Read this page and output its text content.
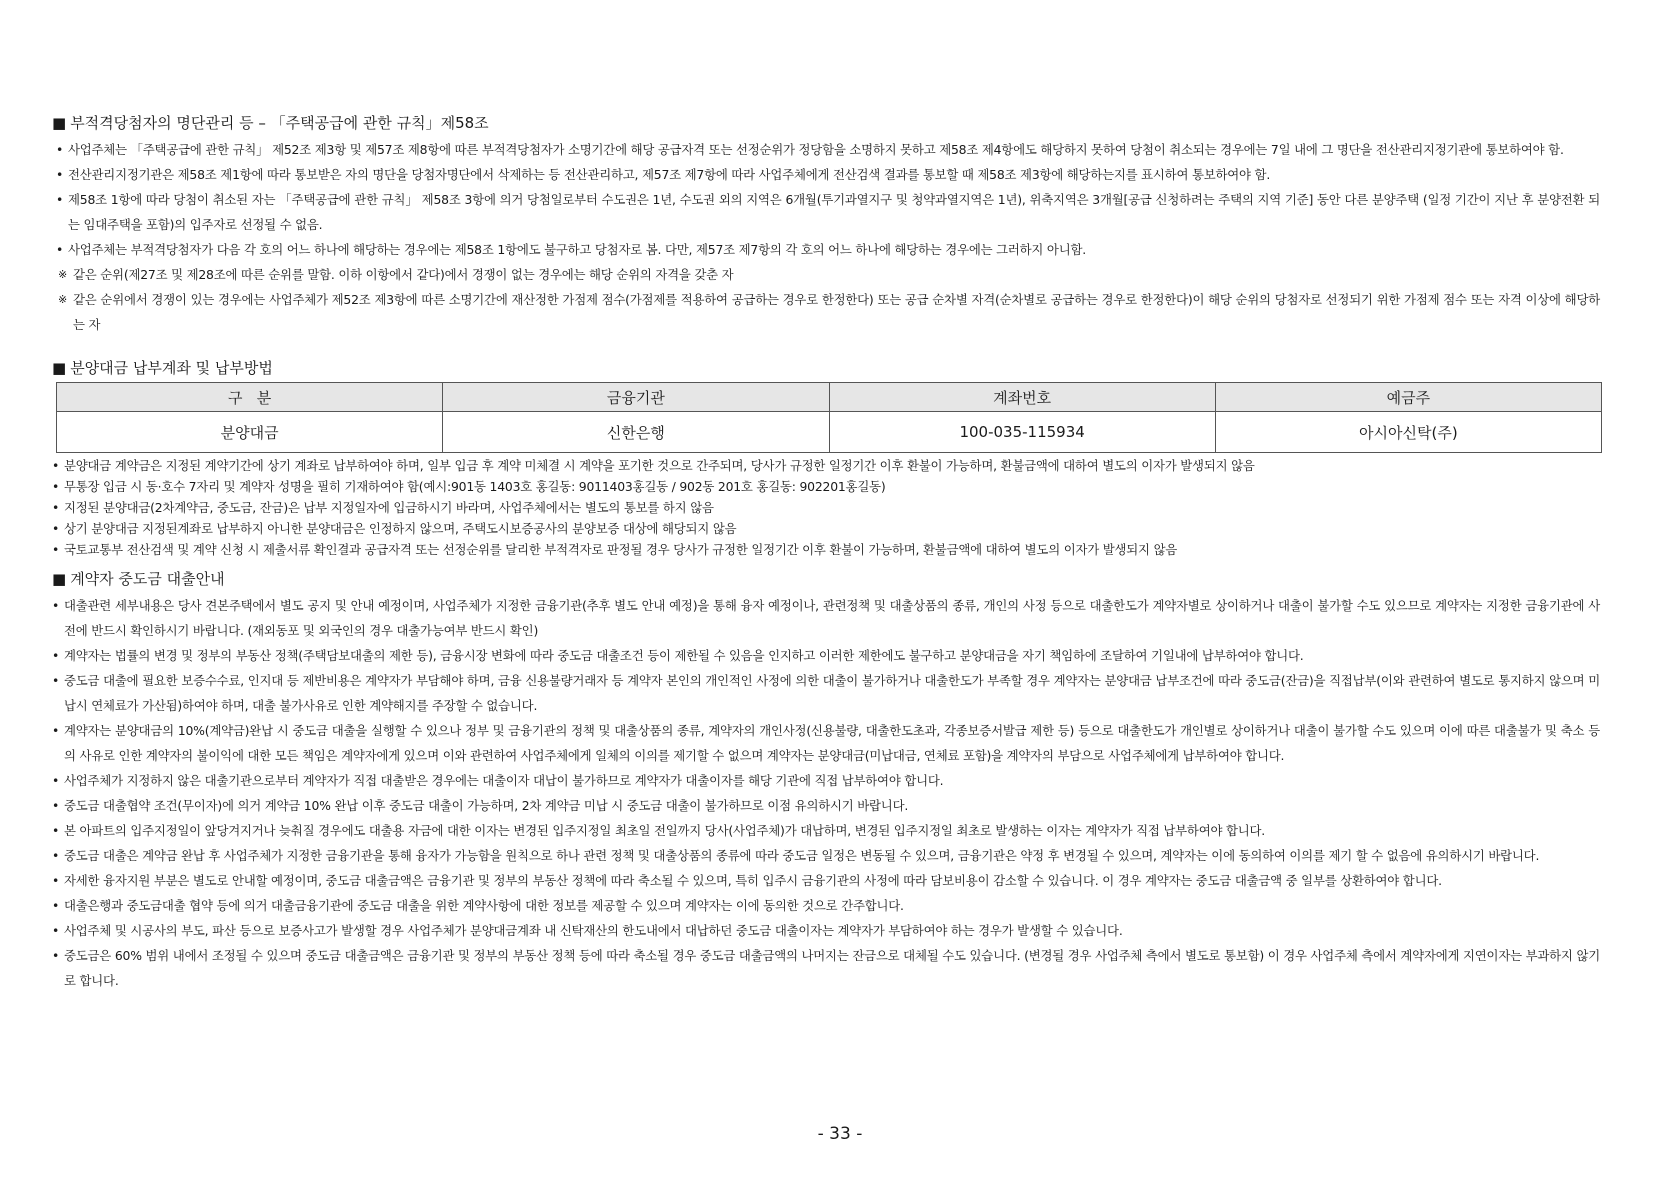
■ 부적격당첨자의 명단관리 등 – 「주택공급에 관한 규칙」제58조
• 사업주체는 「주택공급에 관한 규칙」 제52조 제3항 및 제57조 제8항에 따른 부적격당첨자가 소명기간에 해당 공급자격 또는 선정순위가 정당함을 소명하지 못하고 제58조 제4항에도 해당하지 못하여 당첨이 취소되는 경우에는 7일 내에 그 명단을 전산관리지정기관에 통보하여야 함.
• 전산관리지정기관은 제58조 제1항에 따라 통보받은 자의 명단을 당첨자명단에서 삭제하는 등 전산관리하고, 제57조 제7항에 따라 사업주체에게 전산검색 결과를 통보할 때 제58조 제3항에 해당하는지를 표시하여 통보하여야 함.
• 제58조 1항에 따라 당첨이 취소된 자는 「주택공급에 관한 규칙」 제58조 3항에 의거 당첨일로부터 수도권은 1년, 수도권 외의 지역은 6개월(투기과열지구 및 청약과열지역은 1년), 위축지역은 3개월[공급 신청하려는 주택의 지역 기준] 동안 다른 분양주택 (일정 기간이 지난 후 분양전환 되는 임대주택을 포함)의 입주자로 선정될 수 없음.
• 사업주체는 부적격당첨자가 다음 각 호의 어느 하나에 해당하는 경우에는 제58조 1항에도 불구하고 당첨자로 봄. 다만, 제57조 제7항의 각 호의 어느 하나에 해당하는 경우에는 그러하지 아니함.
※ 같은 순위(제27조 및 제28조에 따른 순위를 말함. 이하 이항에서 같다)에서 경쟁이 없는 경우에는 해당 순위의 자격을 갖춘 자
※ 같은 순위에서 경쟁이 있는 경우에는 사업주체가 제52조 제3항에 따른 소명기간에 재산정한 가점제 점수(가점제를 적용하여 공급하는 경우로 한정한다) 또는 공급 순차별 자격(순차별로 공급하는 경우로 한정한다)이 해당 순위의 당첨자로 선정되기 위한 가점제 점수 또는 자격 이상에 해당하는 자
■ 분양대금 납부계좌 및 납부방법
구   분	금융기관	계좌번호	예금주
분양대금	신한은행	100-035-115934	아시아신탁(주)
• 분양대금 계약금은 지정된 계약기간에 상기 계좌로 납부하여야 하며, 일부 입금 후 계약 미체결 시 계약을 포기한 것으로 간주되며, 당사가 규정한 일정기간 이후 환불이 가능하며, 환불금액에 대하여 별도의 이자가 발생되지 않음
• 무통장 입금 시 동·호수 7자리 및 계약자 성명을 필히 기재하여야 함(예시:901동 1403호 홍길동: 9011403홍길동 / 902동 201호 홍길동: 902201홍길동)
• 지정된 분양대금(2차계약금, 중도금, 잔금)은 납부 지정일자에 입금하시기 바라며, 사업주체에서는 별도의 통보를 하지 않음
• 상기 분양대금 지정된계좌로 납부하지 아니한 분양대금은 인정하지 않으며, 주택도시보증공사의 분양보증 대상에 해당되지 않음
• 국토교통부 전산검색 및 계약 신청 시 제출서류 확인결과 공급자격 또는 선정순위를 달리한 부적격자로 판정될 경우 당사가 규정한 일정기간 이후 환불이 가능하며, 환불금액에 대하여 별도의 이자가 발생되지 않음
■ 계약자 중도금 대출안내
• 대출관련 세부내용은 당사 견본주택에서 별도 공지 및 안내 예정이며, 사업주체가 지정한 금융기관(추후 별도 안내 예정)을 통해 융자 예정이나, 관련정책 및 대출상품의 종류, 개인의 사정 등으로 대출한도가 계약자별로 상이하거나 대출이 불가할 수도 있으므로 계약자는 지정한 금융기관에 사전에 반드시 확인하시기 바랍니다. (재외동포 및 외국인의 경우 대출가능여부 반드시 확인)
• 계약자는 법률의 변경 및 정부의 부동산 정책(주택담보대출의 제한 등), 금융시장 변화에 따라 중도금 대출조건 등이 제한될 수 있음을 인지하고 이러한 제한에도 불구하고 분양대금을 자기 책임하에 조달하여 기일내에 납부하여야 합니다.
• 중도금 대출에 필요한 보증수수료, 인지대 등 제반비용은 계약자가 부담해야 하며, 금융 신용불량거래자 등 계약자 본인의 개인적인 사정에 의한 대출이 불가하거나 대출한도가 부족할 경우 계약자는 분양대금 납부조건에 따라 중도금(잔금)을 직접납부(이와 관련하여 별도로 통지하지 않으며 미납시 연체료가 가산됨)하여야 하며, 대출 불가사유로 인한 계약해지를 주장할 수 없습니다.
• 계약자는 분양대금의 10%(계약금)완납 시 중도금 대출을 실행할 수 있으나 정부 및 금융기관의 정책 및 대출상품의 종류, 계약자의 개인사정(신용불량, 대출한도초과, 각종보증서발급 제한 등) 등으로 대출한도가 개인별로 상이하거나 대출이 불가할 수도 있으며 이에 따른 대출불가 및 축소 등의 사유로 인한 계약자의 불이익에 대한 모든 책임은 계약자에게 있으며 이와 관련하여 사업주체에게 일체의 이의를 제기할 수 없으며 계약자는 분양대금(미납대금, 연체료 포함)을 계약자의 부담으로 사업주체에게 납부하여야 합니다.
• 사업주체가 지정하지 않은 대출기관으로부터 계약자가 직접 대출받은 경우에는 대출이자 대납이 불가하므로 계약자가 대출이자를 해당 기관에 직접 납부하여야 합니다.
• 중도금 대출협약 조건(무이자)에 의거 계약금 10% 완납 이후 중도금 대출이 가능하며, 2차 계약금 미납 시 중도금 대출이 불가하므로 이점 유의하시기 바랍니다.
• 본 아파트의 입주지정일이 앞당겨지거나 늦춰질 경우에도 대출용 자금에 대한 이자는 변경된 입주지정일 최초일 전일까지 당사(사업주체)가 대납하며, 변경된 입주지정일 최초로 발생하는 이자는 계약자가 직접 납부하여야 합니다.
• 중도금 대출은 계약금 완납 후 사업주체가 지정한 금융기관을 통해 융자가 가능함을 원칙으로 하나 관련 정책 및 대출상품의 종류에 따라 중도금 일정은 변동될 수 있으며, 금융기관은 약정 후 변경될 수 있으며, 계약자는 이에 동의하여 이의를 제기 할 수 없음에 유의하시기 바랍니다.
• 자세한 융자지원 부분은 별도로 안내할 예정이며, 중도금 대출금액은 금융기관 및 정부의 부동산 정책에 따라 축소될 수 있으며, 특히 입주시 금융기관의 사정에 따라 담보비용이 감소할 수 있습니다. 이 경우 계약자는 중도금 대출금액 중 일부를 상환하여야 합니다.
• 대출은행과 중도금대출 협약 등에 의거 대출금융기관에 중도금 대출을 위한 계약사항에 대한 정보를 제공할 수 있으며 계약자는 이에 동의한 것으로 간주합니다.
• 사업주체 및 시공사의 부도, 파산 등으로 보증사고가 발생할 경우 사업주체가 분양대금계좌 내 신탁재산의 한도내에서 대납하던 중도금 대출이자는 계약자가 부담하여야 하는 경우가 발생할 수 있습니다.
• 중도금은 60% 범위 내에서 조정될 수 있으며 중도금 대출금액은 금융기관 및 정부의 부동산 정책 등에 따라 축소될 경우 중도금 대출금액의 나머지는 잔금으로 대체될 수도 있습니다. (변경될 경우 사업주체 측에서 별도로 통보함) 이 경우 사업주체 측에서 계약자에게 지연이자는 부과하지 않기로 합니다.
- 33 -
